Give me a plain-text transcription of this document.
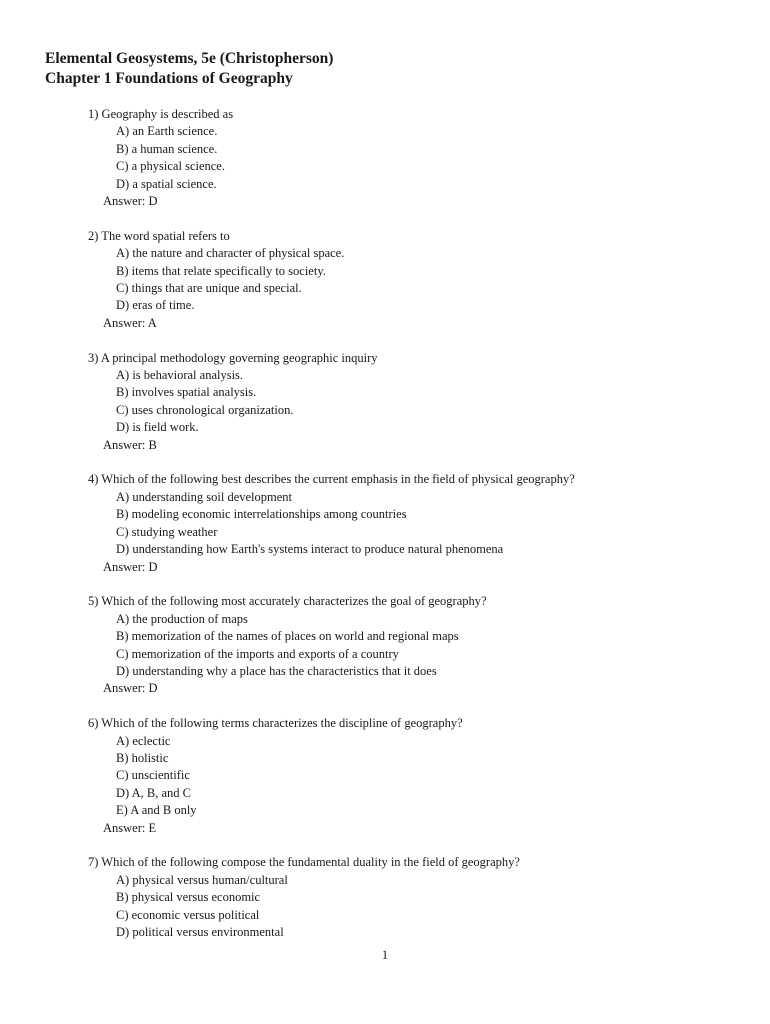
Elemental Geosystems, 5e (Christopherson)
Chapter 1 Foundations of Geography
1) Geography is described as
A) an Earth science.
B) a human science.
C) a physical science.
D) a spatial science.
Answer: D
2) The word spatial refers to
A) the nature and character of physical space.
B) items that relate specifically to society.
C) things that are unique and special.
D) eras of time.
Answer: A
3) A principal methodology governing geographic inquiry
A) is behavioral analysis.
B) involves spatial analysis.
C) uses chronological organization.
D) is field work.
Answer: B
4) Which of the following best describes the current emphasis in the field of physical geography?
A) understanding soil development
B) modeling economic interrelationships among countries
C) studying weather
D) understanding how Earth's systems interact to produce natural phenomena
Answer: D
5) Which of the following most accurately characterizes the goal of geography?
A) the production of maps
B) memorization of the names of places on world and regional maps
C) memorization of the imports and exports of a country
D) understanding why a place has the characteristics that it does
Answer: D
6) Which of the following terms characterizes the discipline of geography?
A) eclectic
B) holistic
C) unscientific
D) A, B, and C
E) A and B only
Answer: E
7) Which of the following compose the fundamental duality in the field of geography?
A) physical versus human/cultural
B) physical versus economic
C) economic versus political
D) political versus environmental
1
